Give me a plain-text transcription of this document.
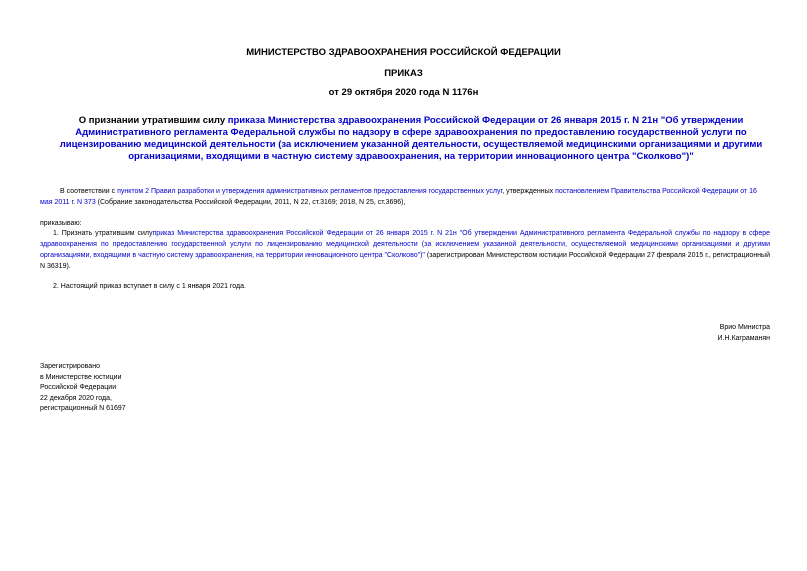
МИНИСТЕРСТВО ЗДРАВООХРАНЕНИЯ РОССИЙСКОЙ ФЕДЕРАЦИИ
ПРИКАЗ
от 29 октября 2020 года N 1176н
О признании утратившим силу приказа Министерства здравоохранения Российской Федерации от 26 января 2015 г. N 21н "Об утверждении Административного регламента Федеральной службы по надзору в сфере здравоохранения по предоставлению государственной услуги по лицензированию медицинской деятельности (за исключением указанной деятельности, осуществляемой медицинскими организациями и другими организациями, входящими в частную систему здравоохранения, на территории инновационного центра "Сколково")"
В соответствии с пунктом 2 Правил разработки и утверждения административных регламентов предоставления государственных услуг, утвержденных постановлением Правительства Российской Федерации от 16 мая 2011 г. N 373 (Собрание законодательства Российской Федерации, 2011, N 22, ст.3169; 2018, N 25, ст.3696),
приказываю:
1. Признать утратившим силуприказ Министерства здравоохранения Российской Федерации от 26 января 2015 г. N 21н "Об утверждении Административного регламента Федеральной службы по надзору в сфере здравоохранения по предоставлению государственной услуги по лицензированию медицинской деятельности (за исключением указанной деятельности, осуществляемой медицинскими организациями и другими организациями, входящими в частную систему здравоохранения, на территории инновационного центра "Сколково")" (зарегистрирован Министерством юстиции Российской Федерации 27 февраля 2015 г., регистрационный N 36319).
2. Настоящий приказ вступает в силу с 1 января 2021 года.
Врио Министра
И.Н.Каграманян
Зарегистрировано
в Министерстве юстиции
Российской Федерации
22 декабря 2020 года,
регистрационный N 61697
